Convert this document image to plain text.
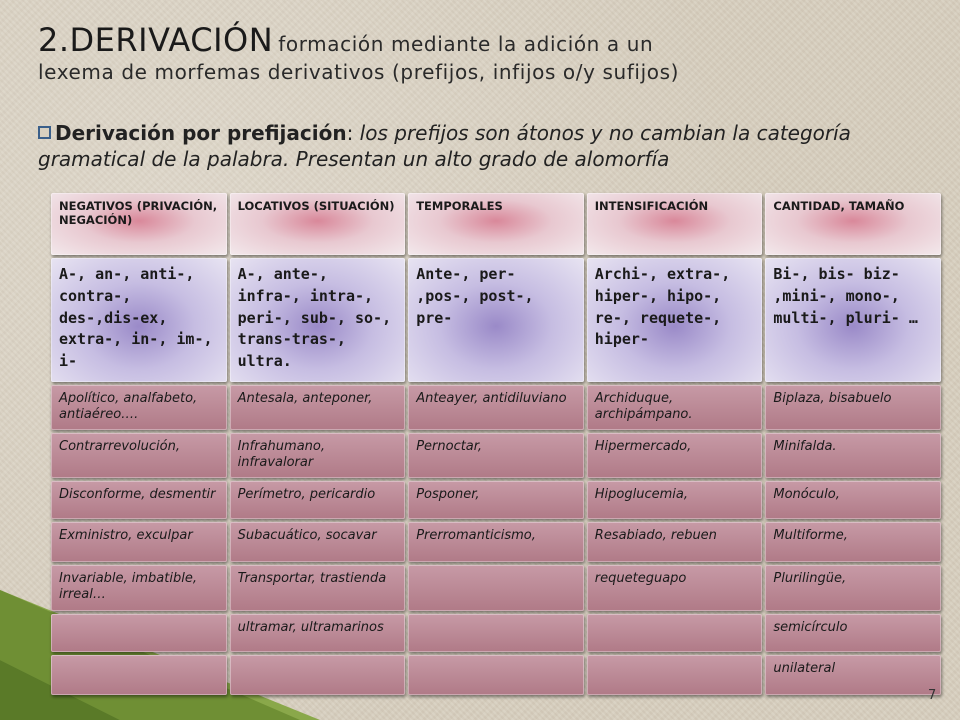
2.DERIVACIÓN formación mediante la adición a un
lexema de morfemas derivativos (prefijos, infijos o/y sufijos)
Derivación por prefijación: los prefijos son átonos y no cambian la categoría gramatical de la palabra. Presentan un alto grado de alomorfía
NEGATIVOS (PRIVACIÓN, NEGACIÓN)	LOCATIVOS (SITUACIÓN)	TEMPORALES	INTENSIFICACIÓN	CANTIDAD, TAMAÑO
A-, an-, anti-, contra-, des-,dis-ex, extra-, in-, im-, i-	A-, ante-, infra-, intra-, peri-, sub-, so-, trans-tras-, ultra.	Ante-, per- ,pos-, post-, pre-	Archi-, extra-, hiper-, hipo-, re-, requete-, hiper-	Bi-, bis- biz- ,mini-, mono-, multi-, pluri- …
Apolítico, analfabeto, antiaéreo….	Antesala, anteponer,	Anteayer, antidiluviano	Archiduque, archipámpano.	Biplaza, bisabuelo
Contrarrevolución,	Infrahumano, infravalorar	Pernoctar,	Hipermercado,	Minifalda.
Disconforme, desmentir	Perímetro, pericardio	Posponer,	Hipoglucemia,	Monóculo,
Exministro, exculpar	Subacuático, socavar	Prerromanticismo,	Resabiado, rebuen	Multiforme,
Invariable, imbatible, irreal…	Transportar, trastienda		requeteguapo	Plurilingüe,
	ultramar, ultramarinos			semicírculo
				unilateral
7
